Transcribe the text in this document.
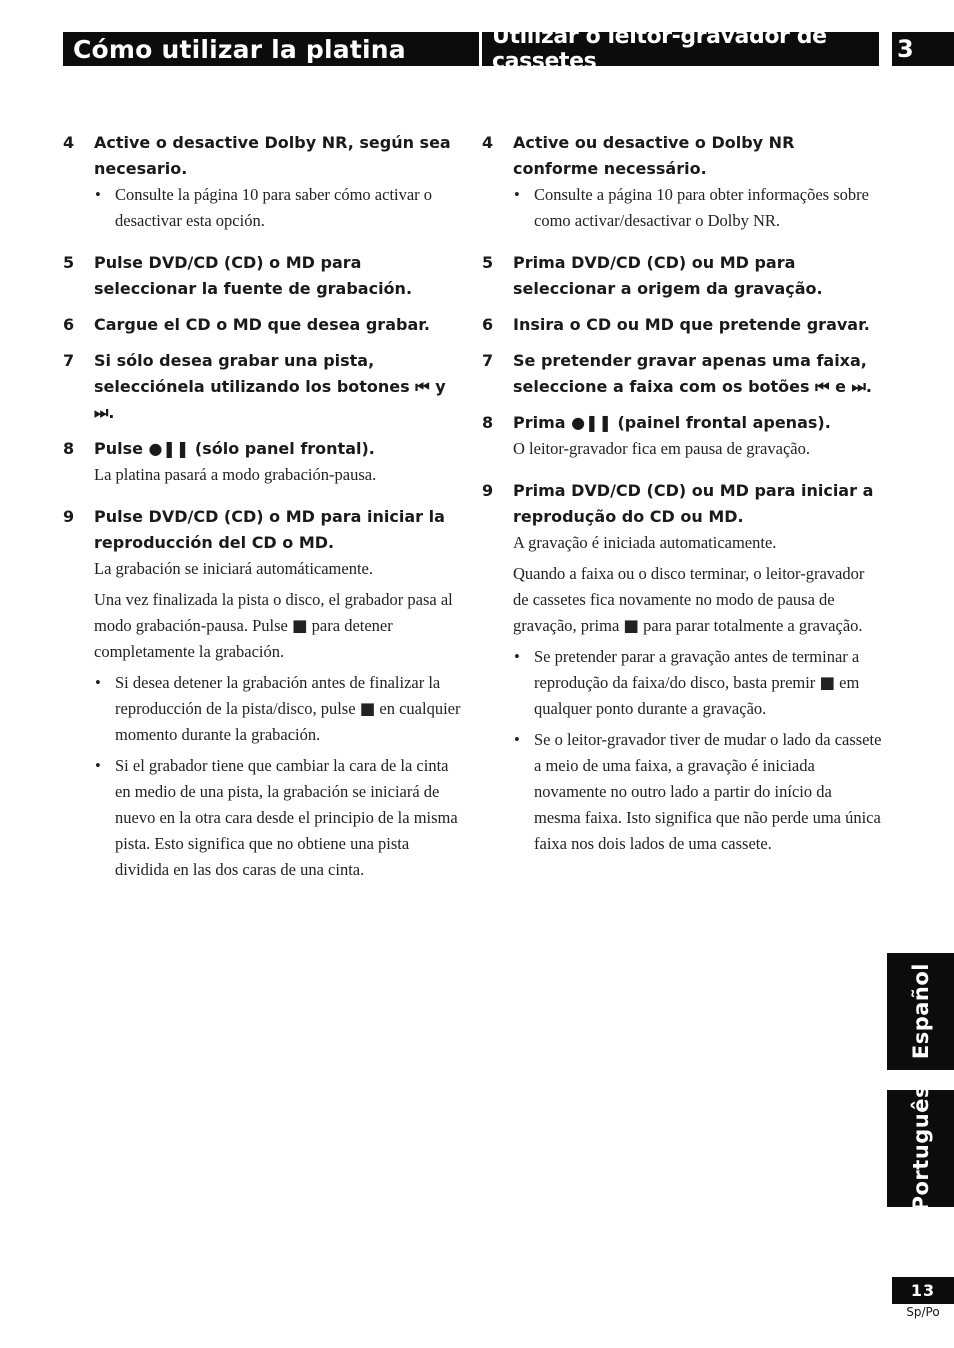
Cómo utilizar la platina	Utilizar o leitor-gravador de cassetes	3
4	Active o desactive Dolby NR, según sea necesario.
• Consulte la página 10 para saber cómo activar o desactivar esta opción.
5	Pulse DVD/CD (CD) o MD para seleccionar la fuente de grabación.
6	Cargue el CD o MD que desea grabar.
7	Si sólo desea grabar una pista, selecciónela utilizando los botones ⏮ y ⏭.
8	Pulse ●❚❚ (sólo panel frontal).
La platina pasará a modo grabación-pausa.
9	Pulse DVD/CD (CD) o MD para iniciar la reproducción del CD o MD.
La grabación se iniciará automáticamente.
Una vez finalizada la pista o disco, el grabador pasa al modo grabación-pausa. Pulse ■ para detener completamente la grabación.
• Si desea detener la grabación antes de finalizar la reproducción de la pista/disco, pulse ■ en cualquier momento durante la grabación.
• Si el grabador tiene que cambiar la cara de la cinta en medio de una pista, la grabación se iniciará de nuevo en la otra cara desde el principio de la misma pista. Esto significa que no obtiene una pista dividida en las dos caras de una cinta.
4	Active ou desactive o Dolby NR conforme necessário.
• Consulte a página 10 para obter informações sobre como activar/desactivar o Dolby NR.
5	Prima DVD/CD (CD) ou MD para seleccionar a origem da gravação.
6	Insira o CD ou MD que pretende gravar.
7	Se pretender gravar apenas uma faixa, seleccione a faixa com os botões ⏮ e ⏭.
8	Prima ●❚❚ (painel frontal apenas).
O leitor-gravador fica em pausa de gravação.
9	Prima DVD/CD (CD) ou MD para iniciar a reprodução do CD ou MD.
A gravação é iniciada automaticamente.
Quando a faixa ou o disco terminar, o leitor-gravador de cassetes fica novamente no modo de pausa de gravação, prima ■ para parar totalmente a gravação.
• Se pretender parar a gravação antes de terminar a reprodução da faixa/do disco, basta premir ■ em qualquer ponto durante a gravação.
• Se o leitor-gravador tiver de mudar o lado da cassete a meio de uma faixa, a gravação é iniciada novamente no outro lado a partir do início da mesma faixa. Isto significa que não perde uma única faixa nos dois lados de uma cassete.
Español
Português
13
Sp/Po
